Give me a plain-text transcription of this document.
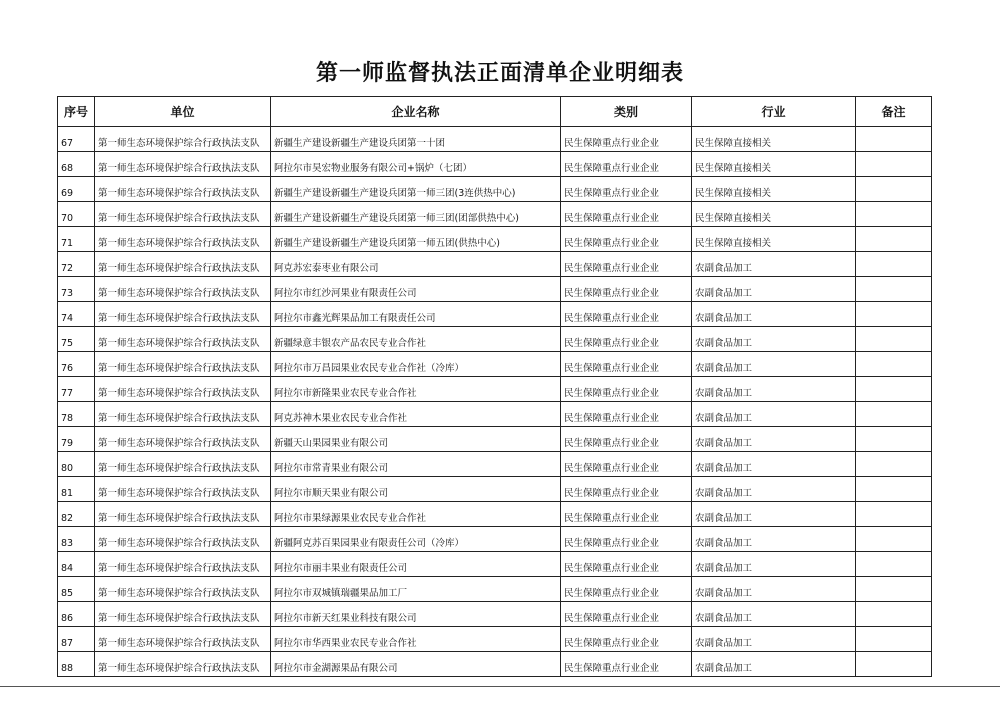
第一师监督执法正面清单企业明细表
序号	单位	企业名称	类别	行业	备注
67	第一师生态环境保护综合行政执法支队	新疆生产建设新疆生产建设兵团第一十团	民生保障重点行业企业	民生保障直接相关	
68	第一师生态环境保护综合行政执法支队	阿拉尔市昊宏物业服务有限公司+锅炉（七团）	民生保障重点行业企业	民生保障直接相关	
69	第一师生态环境保护综合行政执法支队	新疆生产建设新疆生产建设兵团第一师三团(3连供热中心)	民生保障重点行业企业	民生保障直接相关	
70	第一师生态环境保护综合行政执法支队	新疆生产建设新疆生产建设兵团第一师三团(团部供热中心)	民生保障重点行业企业	民生保障直接相关	
71	第一师生态环境保护综合行政执法支队	新疆生产建设新疆生产建设兵团第一师五团(供热中心)	民生保障重点行业企业	民生保障直接相关	
72	第一师生态环境保护综合行政执法支队	阿克苏宏泰枣业有限公司	民生保障重点行业企业	农副食品加工	
73	第一师生态环境保护综合行政执法支队	阿拉尔市红沙河果业有限责任公司	民生保障重点行业企业	农副食品加工	
74	第一师生态环境保护综合行政执法支队	阿拉尔市鑫光辉果品加工有限责任公司	民生保障重点行业企业	农副食品加工	
75	第一师生态环境保护综合行政执法支队	新疆绿意丰银农产品农民专业合作社	民生保障重点行业企业	农副食品加工	
76	第一师生态环境保护综合行政执法支队	阿拉尔市万昌园果业农民专业合作社（冷库）	民生保障重点行业企业	农副食品加工	
77	第一师生态环境保护综合行政执法支队	阿拉尔市新隆果业农民专业合作社	民生保障重点行业企业	农副食品加工	
78	第一师生态环境保护综合行政执法支队	阿克苏神木果业农民专业合作社	民生保障重点行业企业	农副食品加工	
79	第一师生态环境保护综合行政执法支队	新疆天山果园果业有限公司	民生保障重点行业企业	农副食品加工	
80	第一师生态环境保护综合行政执法支队	阿拉尔市常青果业有限公司	民生保障重点行业企业	农副食品加工	
81	第一师生态环境保护综合行政执法支队	阿拉尔市顺天果业有限公司	民生保障重点行业企业	农副食品加工	
82	第一师生态环境保护综合行政执法支队	阿拉尔市果绿源果业农民专业合作社	民生保障重点行业企业	农副食品加工	
83	第一师生态环境保护综合行政执法支队	新疆阿克苏百果园果业有限责任公司（冷库）	民生保障重点行业企业	农副食品加工	
84	第一师生态环境保护综合行政执法支队	阿拉尔市丽丰果业有限责任公司	民生保障重点行业企业	农副食品加工	
85	第一师生态环境保护综合行政执法支队	阿拉尔市双城镇瑞疆果品加工厂	民生保障重点行业企业	农副食品加工	
86	第一师生态环境保护综合行政执法支队	阿拉尔市新天红果业科技有限公司	民生保障重点行业企业	农副食品加工	
87	第一师生态环境保护综合行政执法支队	阿拉尔市华西果业农民专业合作社	民生保障重点行业企业	农副食品加工	
88	第一师生态环境保护综合行政执法支队	阿拉尔市金湖源果品有限公司	民生保障重点行业企业	农副食品加工	
